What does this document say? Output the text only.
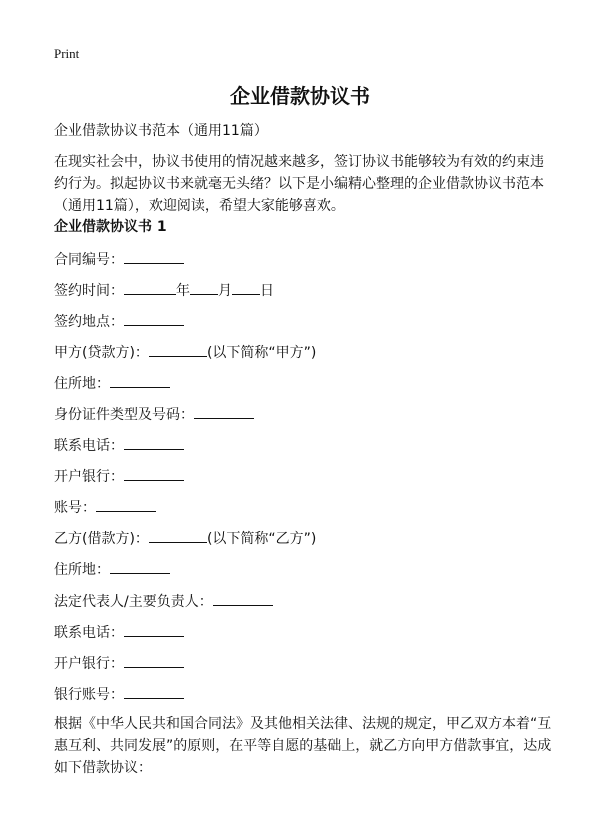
Print
企业借款协议书
企业借款协议书范本（通用11篇）
在现实社会中，协议书使用的情况越来越多，签订协议书能够较为有效的约束违约行为。拟起协议书来就毫无头绪？以下是小编精心整理的企业借款协议书范本（通用11篇），欢迎阅读，希望大家能够喜欢。
企业借款协议书 1
合同编号：
签约时间：	年 月 日
签约地点：
甲方(贷款方)：	(以下简称“甲方”)
住所地：
身份证件类型及号码：
联系电话：
开户银行：
账号：
乙方(借款方)：	(以下简称“乙方”)
住所地：
法定代表人/主要负责人：
联系电话：
开户银行：
银行账号：
根据《中华人民共和国合同法》及其他相关法律、法规的规定，甲乙双方本着“互惠互利、共同发展”的原则，在平等自愿的基础上，就乙方向甲方借款事宜，达成如下借款协议：
